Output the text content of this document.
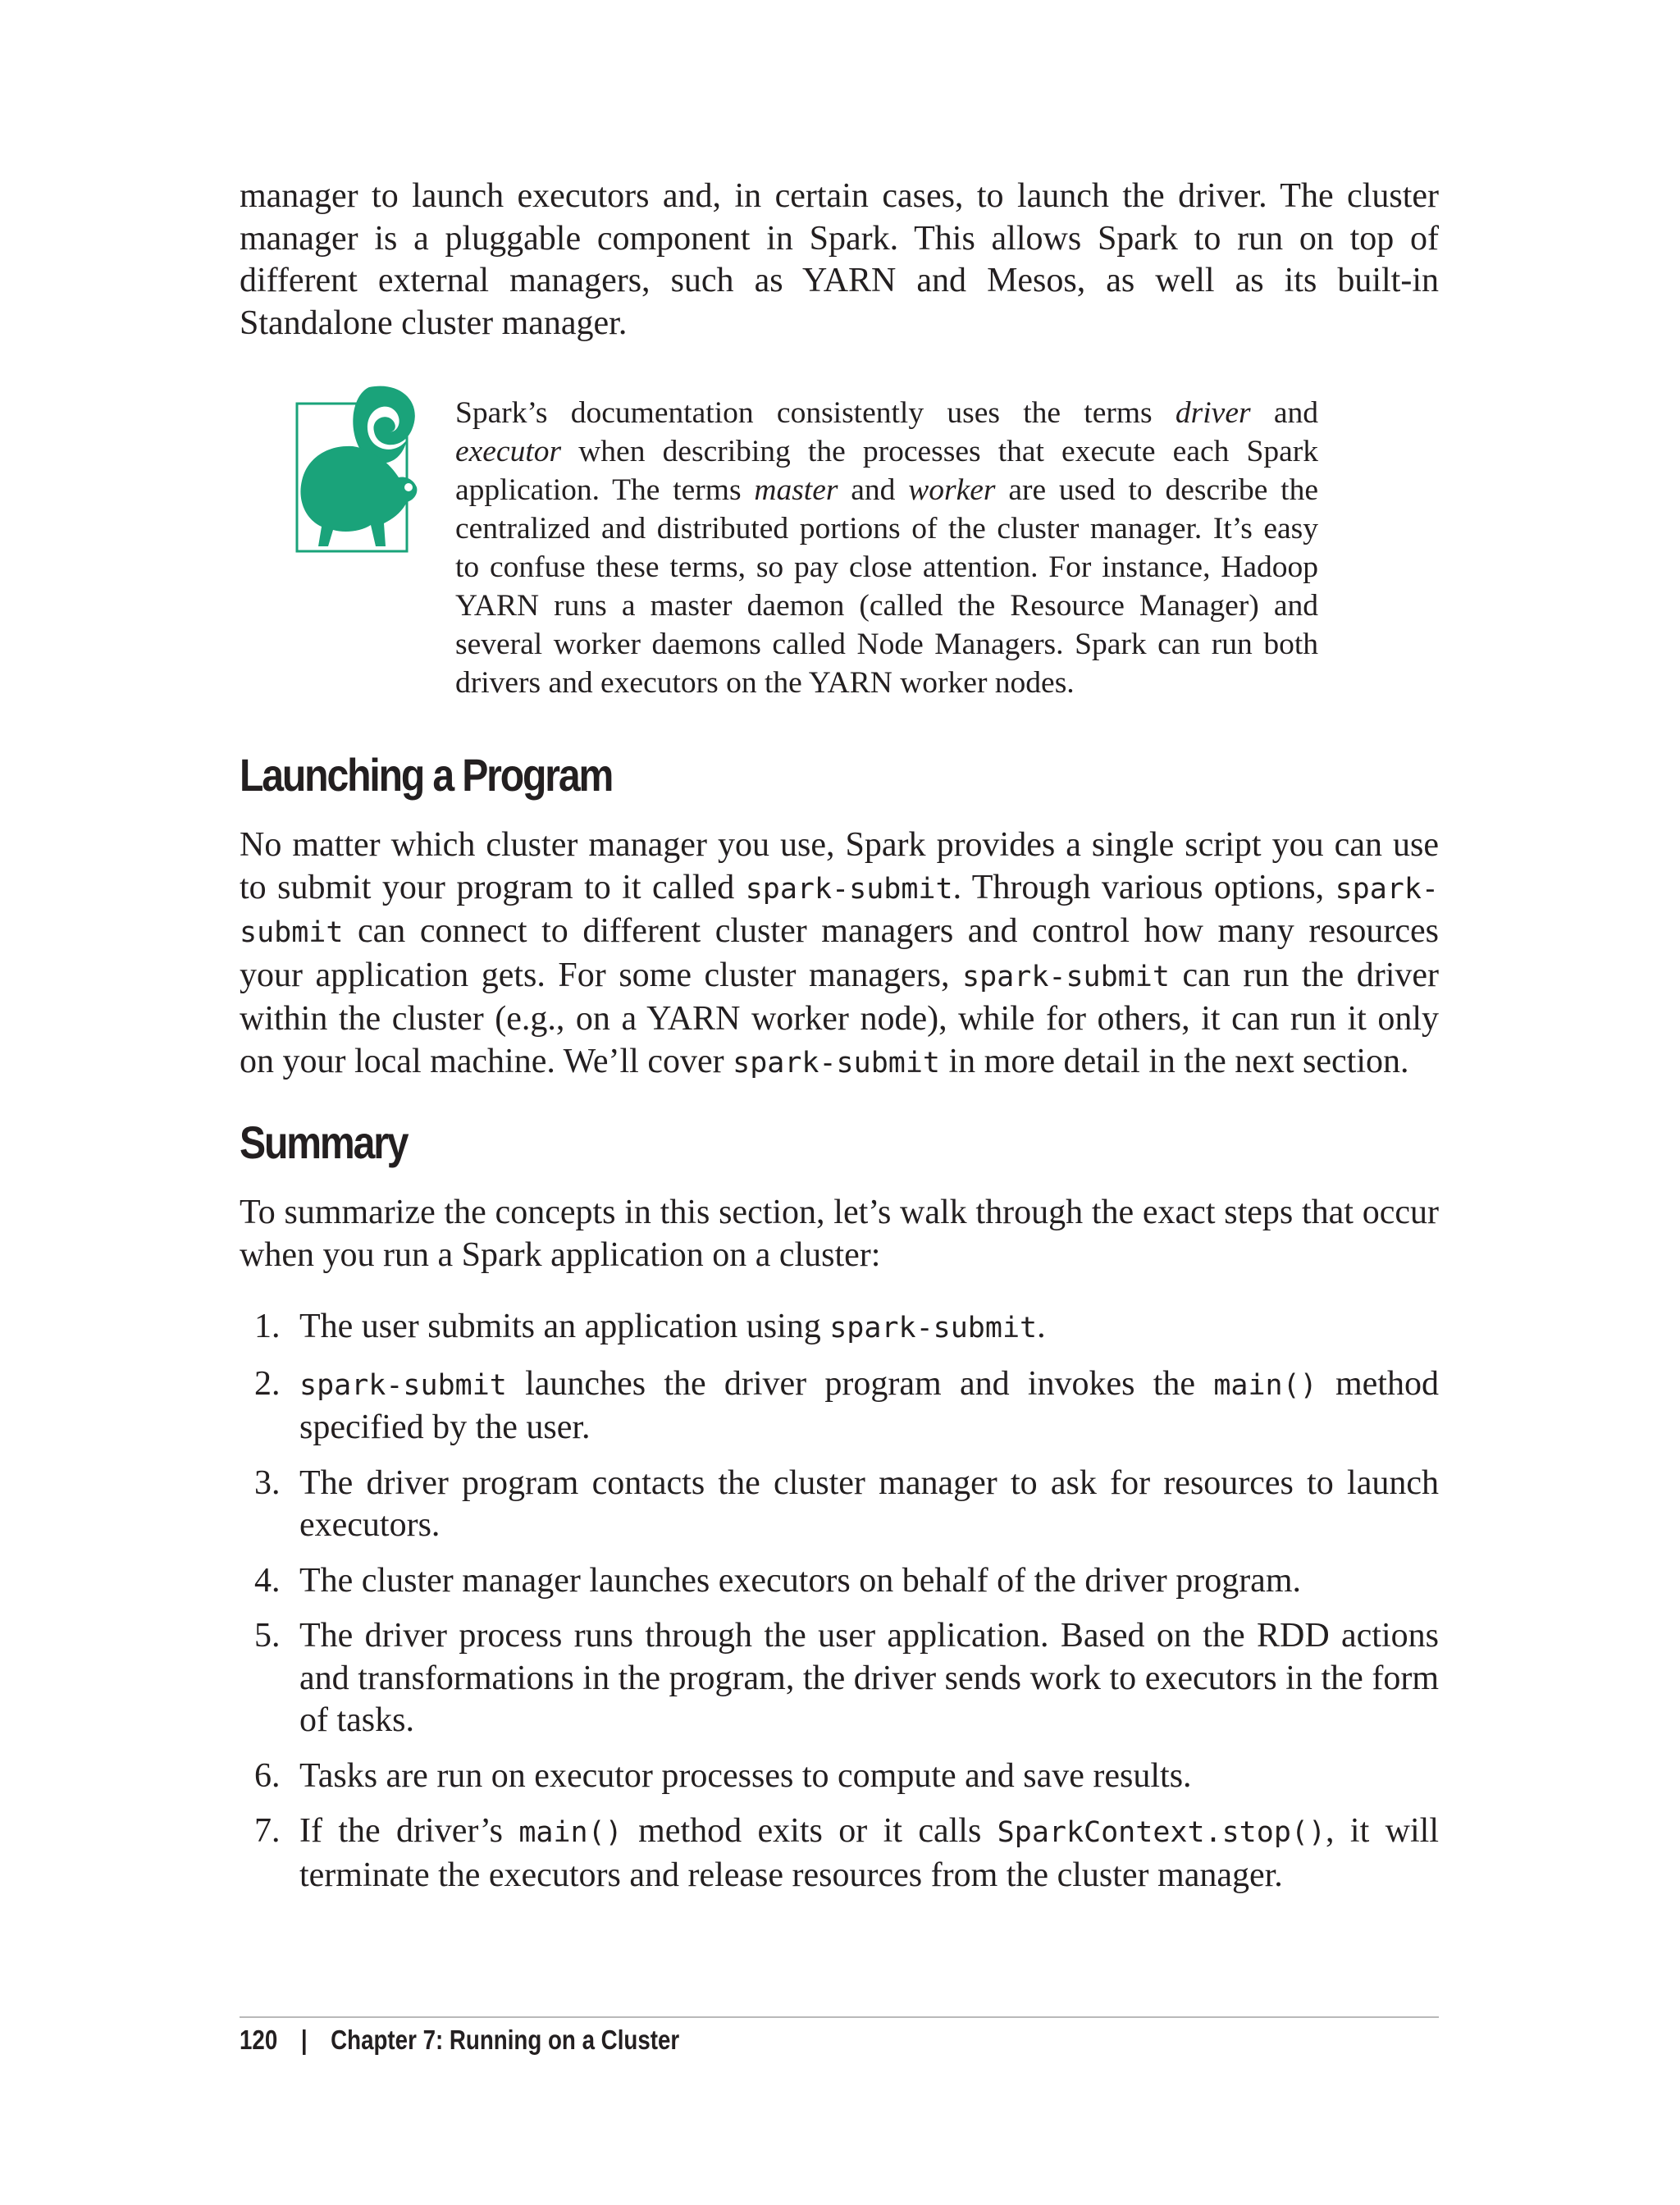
manager to launch executors and, in certain cases, to launch the driver. The cluster manager is a pluggable component in Spark. This allows Spark to run on top of different external managers, such as YARN and Mesos, as well as its built-in Standalone cluster manager.

Spark’s documentation consistently uses the terms driver and executor when describing the processes that execute each Spark application. The terms master and worker are used to describe the centralized and distributed portions of the cluster manager. It’s easy to confuse these terms, so pay close attention. For instance, Hadoop YARN runs a master daemon (called the Resource Manager) and several worker daemons called Node Managers. Spark can run both drivers and executors on the YARN worker nodes.

Launching a Program

No matter which cluster manager you use, Spark provides a single script you can use to submit your program to it called spark-submit. Through various options, spark-submit can connect to different cluster managers and control how many resources your application gets. For some cluster managers, spark-submit can run the driver within the cluster (e.g., on a YARN worker node), while for others, it can run it only on your local machine. We’ll cover spark-submit in more detail in the next section.

Summary

To summarize the concepts in this section, let’s walk through the exact steps that occur when you run a Spark application on a cluster:

1. The user submits an application using spark-submit.
2. spark-submit launches the driver program and invokes the main() method specified by the user.
3. The driver program contacts the cluster manager to ask for resources to launch executors.
4. The cluster manager launches executors on behalf of the driver program.
5. The driver process runs through the user application. Based on the RDD actions and transformations in the program, the driver sends work to executors in the form of tasks.
6. Tasks are run on executor processes to compute and save results.
7. If the driver’s main() method exits or it calls SparkContext.stop(), it will terminate the executors and release resources from the cluster manager.
120 | Chapter 7: Running on a Cluster
